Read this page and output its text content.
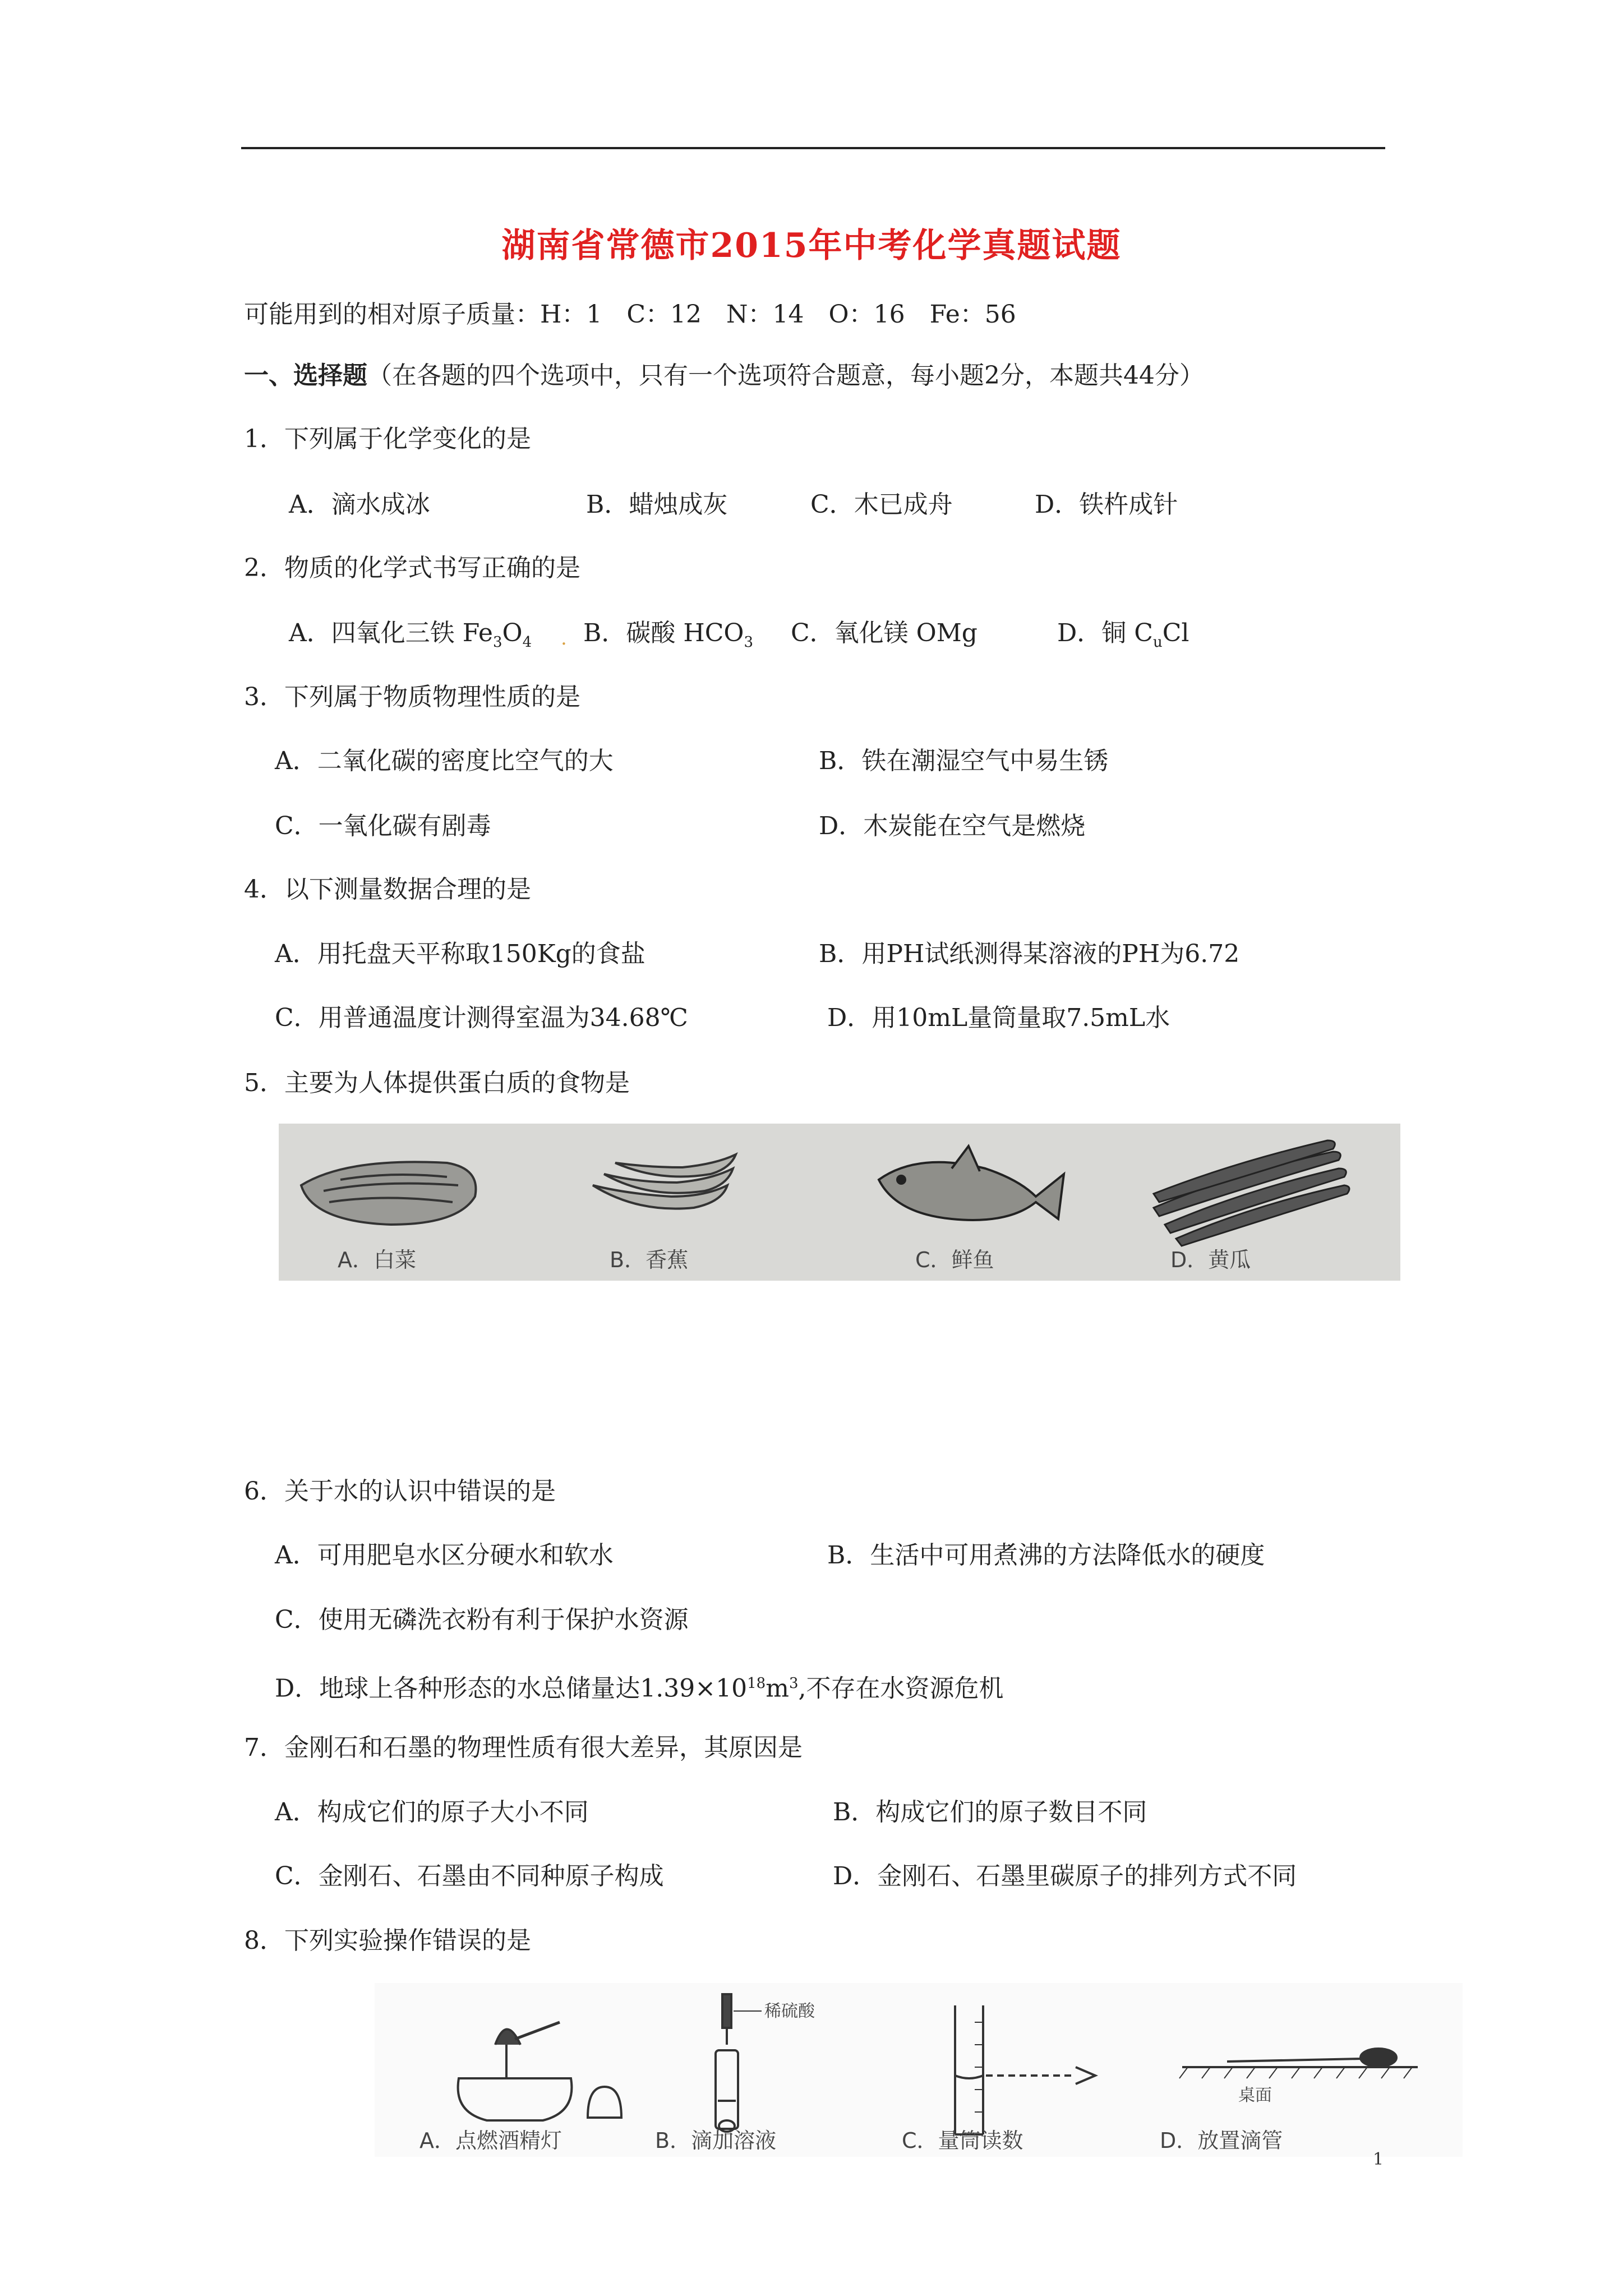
湖南省常德市2015年中考化学真题试题
可能用到的相对原子质量：H：1　C：12　N：14　O：16　Fe：56
一、选择题（在各题的四个选项中，只有一个选项符合题意，每小题2分，本题共44分）
1．下列属于化学变化的是
A．滴水成冰	B．蜡烛成灰	C．木已成舟	D．铁杵成针
2．物质的化学式书写正确的是
A．四氧化三铁 $Fe_3O_4$ . B．碳酸 $HCO_3$ C．氧化镁 OMg	D．铜 $C_uCl$
3．下列属于物质物理性质的是
A．二氧化碳的密度比空气的大	B．铁在潮湿空气中易生锈
C．一氧化碳有剧毒	D．木炭能在空气是燃烧
4．以下测量数据合理的是
A．用托盘天平称取150Kg的食盐	B．用PH试纸测得某溶液的PH为6.72
C．用普通温度计测得室温为34.68℃	D．用10mL量筒量取7.5mL水
5．主要为人体提供蛋白质的食物是
A．白菜	B．香蕉	C．鲜鱼	D．黄瓜
6．关于水的认识中错误的是
A．可用肥皂水区分硬水和软水	B．生活中可用煮沸的方法降低水的硬度
C．使用无磷洗衣粉有利于保护水资源
D．地球上各种形态的水总储量达$1.39\times 10^{18}m^3$,不存在水资源危机
7．金刚石和石墨的物理性质有很大差异，其原因是
A．构成它们的原子大小不同	B．构成它们的原子数目不同
C．金刚石、石墨由不同种原子构成	D．金刚石、石墨里碳原子的排列方式不同
8．下列实验操作错误的是
稀硫酸
桌面
A．点燃酒精灯	B．滴加溶液	C．量筒读数	D．放置滴管
1
